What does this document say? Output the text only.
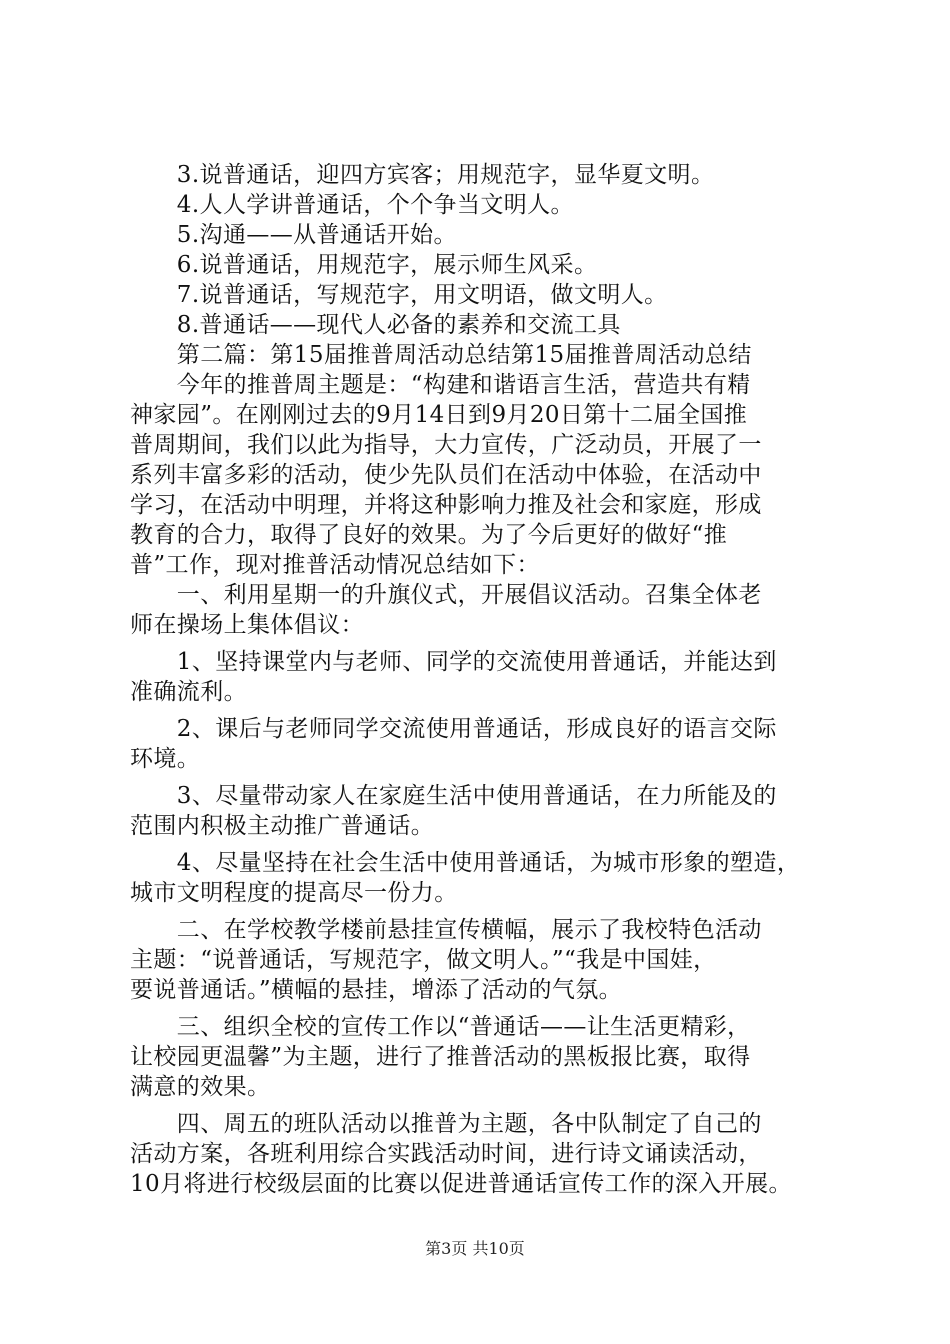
　　3.说普通话，迎四方宾客；用规范字，显华夏文明。

　　4.人人学讲普通话，个个争当文明人。

　　5.沟通——从普通话开始。

　　6.说普通话，用规范字，展示师生风采。

　　7.说普通话，写规范字，用文明语，做文明人。

　　8.普通话——现代人必备的素养和交流工具

　　第二篇：第15届推普周活动总结第15届推普周活动总结

　　今年的推普周主题是：“构建和谐语言生活，营造共有精

神家园”。在刚刚过去的9月14日到9月20日第十二届全国推

普周期间，我们以此为指导，大力宣传，广泛动员，开展了一

系列丰富多彩的活动，使少先队员们在活动中体验，在活动中

学习，在活动中明理，并将这种影响力推及社会和家庭，形成

教育的合力，取得了良好的效果。为了今后更好的做好“推

普”工作，现对推普活动情况总结如下：

　　一、利用星期一的升旗仪式，开展倡议活动。召集全体老

师在操场上集体倡议：

　　1、坚持课堂内与老师、同学的交流使用普通话，并能达到

准确流利。

　　2、课后与老师同学交流使用普通话，形成良好的语言交际

环境。

　　3、尽量带动家人在家庭生活中使用普通话，在力所能及的

范围内积极主动推广普通话。

　　4、尽量坚持在社会生活中使用普通话，为城市形象的塑造，

城市文明程度的提高尽一份力。

　　二、在学校教学楼前悬挂宣传横幅，展示了我校特色活动

主题：“说普通话，写规范字，做文明人。”“我是中国娃，

要说普通话。”横幅的悬挂，增添了活动的气氛。

　　三、组织全校的宣传工作以“普通话——让生活更精彩，

让校园更温馨”为主题，进行了推普活动的黑板报比赛，取得

满意的效果。

　　四、周五的班队活动以推普为主题，各中队制定了自己的

活动方案，各班利用综合实践活动时间，进行诗文诵读活动，

10月将进行校级层面的比赛以促进普通话宣传工作的深入开展。

第3页 共10页
